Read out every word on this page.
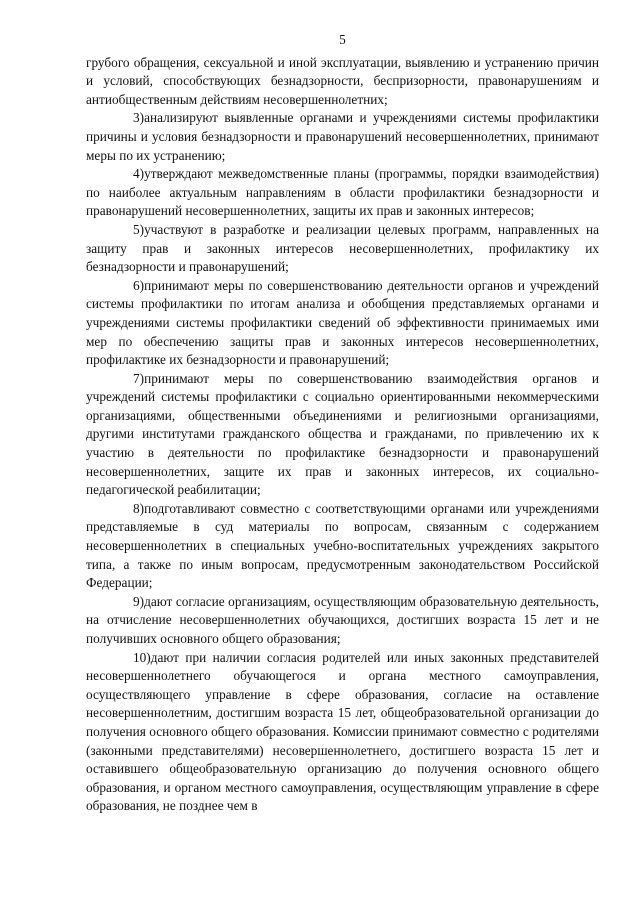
5

грубого обращения, сексуальной и иной эксплуатации, выявлению и устранению причин и условий, способствующих безнадзорности, беспризорности, правонарушениям и антиобщественным действиям несовершеннолетних;

3)анализируют выявленные органами и учреждениями системы профилактики причины и условия безнадзорности и правонарушений несовершеннолетних, принимают меры по их устранению;

4)утверждают межведомственные планы (программы, порядки взаимодействия) по наиболее актуальным направлениям в области профилактики безнадзорности и правонарушений несовершеннолетних, защиты их прав и законных интересов;

5)участвуют в разработке и реализации целевых программ, направленных на защиту прав и законных интересов несовершеннолетних, профилактику их безнадзорности и правонарушений;

6)принимают меры по совершенствованию деятельности органов и учреждений системы профилактики по итогам анализа и обобщения представляемых органами и учреждениями системы профилактики сведений об эффективности принимаемых ими мер по обеспечению защиты прав и законных интересов несовершеннолетних, профилактике их безнадзорности и правонарушений;

7)принимают меры по совершенствованию взаимодействия органов и учреждений системы профилактики с социально ориентированными некоммерческими организациями, общественными объединениями и религиозными организациями, другими институтами гражданского общества и гражданами, по привлечению их к участию в деятельности по профилактике безнадзорности и правонарушений несовершеннолетних, защите их прав и законных интересов, их социально-педагогической реабилитации;

8)подготавливают совместно с соответствующими органами или учреждениями представляемые в суд материалы по вопросам, связанным с содержанием несовершеннолетних в специальных учебно-воспитательных учреждениях закрытого типа, а также по иным вопросам, предусмотренным законодательством Российской Федерации;

9)дают согласие организациям, осуществляющим образовательную деятельность, на отчисление несовершеннолетних обучающихся, достигших возраста 15 лет и не получивших основного общего образования;

10)дают при наличии согласия родителей или иных законных представителей несовершеннолетнего обучающегося и органа местного самоуправления, осуществляющего управление в сфере образования, согласие на оставление несовершеннолетним, достигшим возраста 15 лет, общеобразовательной организации до получения основного общего образования. Комиссии принимают совместно с родителями (законными представителями) несовершеннолетнего, достигшего возраста 15 лет и оставившего общеобразовательную организацию до получения основного общего образования, и органом местного самоуправления, осуществляющим управление в сфере образования, не позднее чем в
